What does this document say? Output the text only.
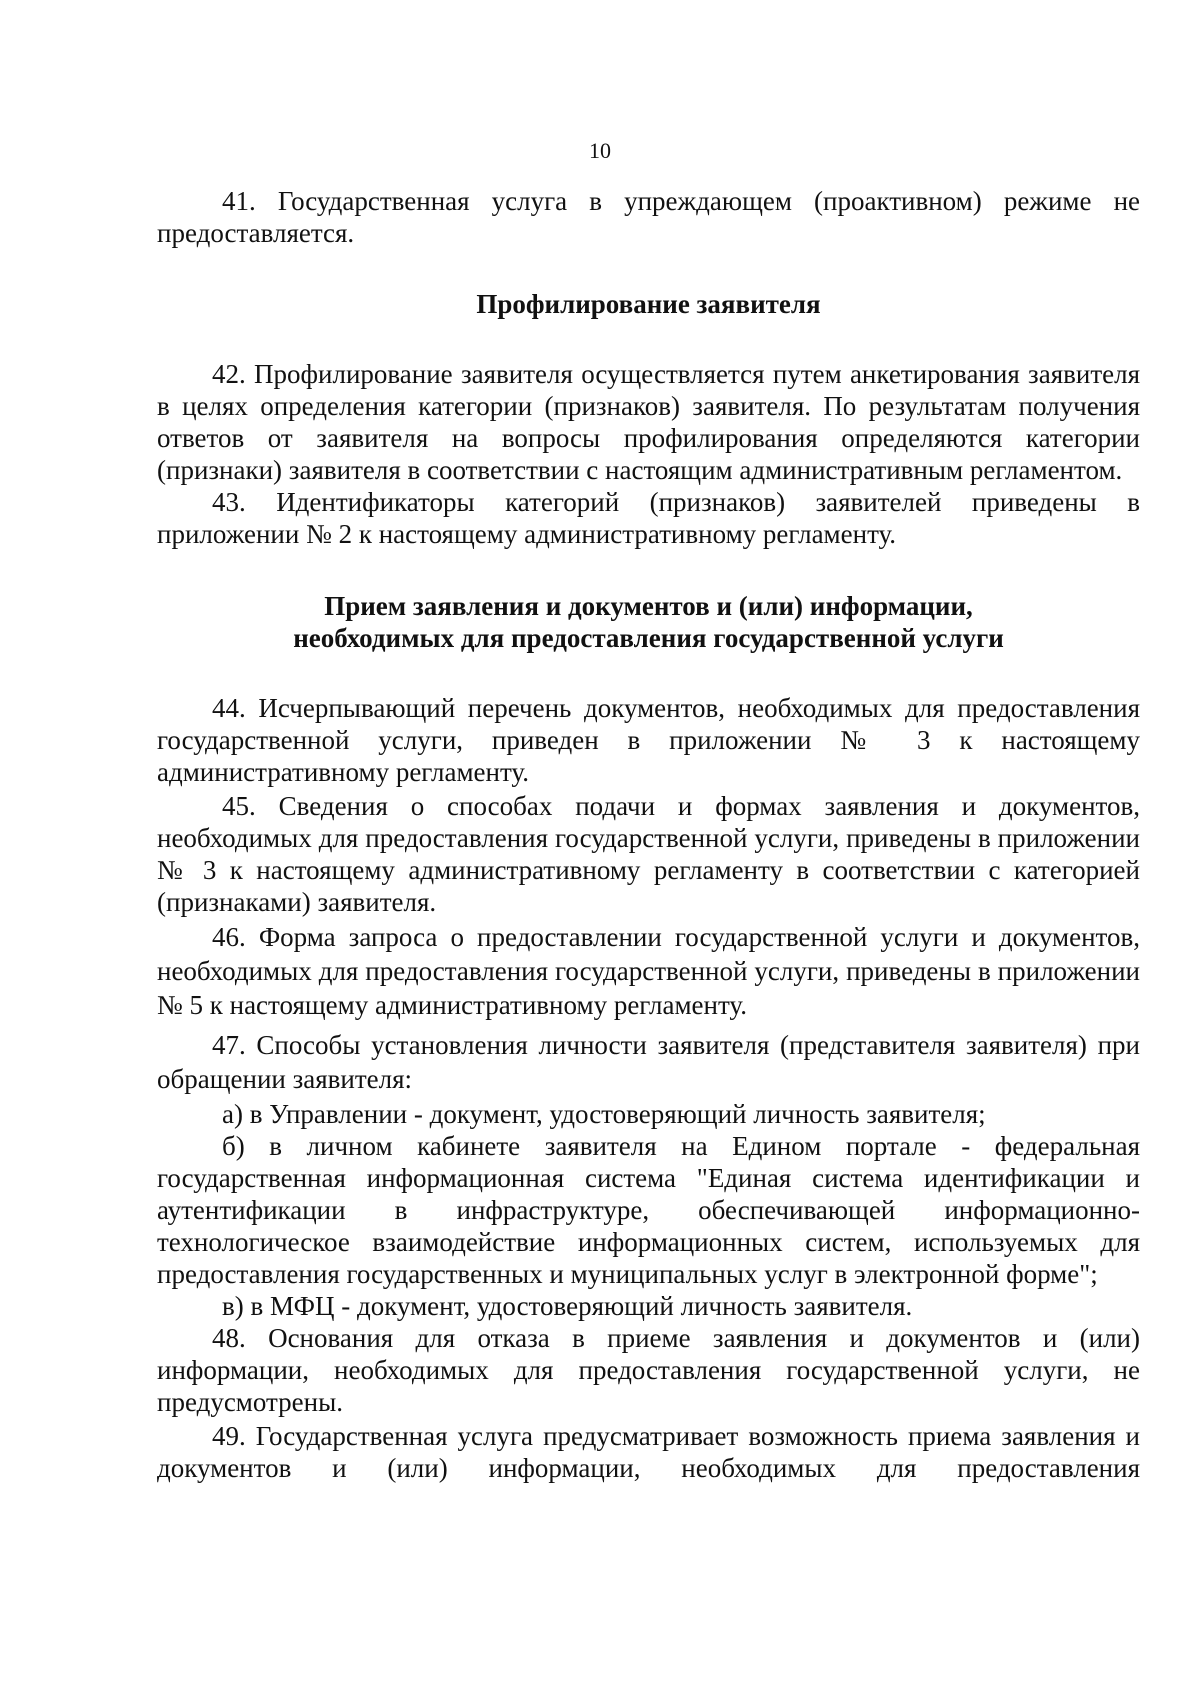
10

41. Государственная услуга в упреждающем (проактивном) режиме не предоставляется.

Профилирование заявителя

42. Профилирование заявителя осуществляется путем анкетирования заявителя в целях определения категории (признаков) заявителя. По результатам получения ответов от заявителя на вопросы профилирования определяются категории (признаки) заявителя в соответствии с настоящим административным регламентом.

43. Идентификаторы категорий (признаков) заявителей приведены в приложении № 2 к настоящему административному регламенту.

Прием заявления и документов и (или) информации,
необходимых для предоставления государственной услуги

44. Исчерпывающий перечень документов, необходимых для предоставления государственной услуги, приведен в приложении № 3 к настоящему административному регламенту.

45. Сведения о способах подачи и формах заявления и документов, необходимых для предоставления государственной услуги, приведены в приложении № 3 к настоящему административному регламенту в соответствии с категорией (признаками) заявителя.

46. Форма запроса о предоставлении государственной услуги и документов, необходимых для предоставления государственной услуги, приведены в приложении № 5 к настоящему административному регламенту.

47. Способы установления личности заявителя (представителя заявителя) при обращении заявителя:

а) в Управлении - документ, удостоверяющий личность заявителя;

б) в личном кабинете заявителя на Едином портале - федеральная государственная информационная система "Единая система идентификации и аутентификации в инфраструктуре, обеспечивающей информационно-технологическое взаимодействие информационных систем, используемых для предоставления государственных и муниципальных услуг в электронной форме";

в) в МФЦ - документ, удостоверяющий личность заявителя.

48. Основания для отказа в приеме заявления и документов и (или) информации, необходимых для предоставления государственной услуги, не предусмотрены.

49. Государственная услуга предусматривает возможность приема заявления и документов и (или) информации, необходимых для предоставления
